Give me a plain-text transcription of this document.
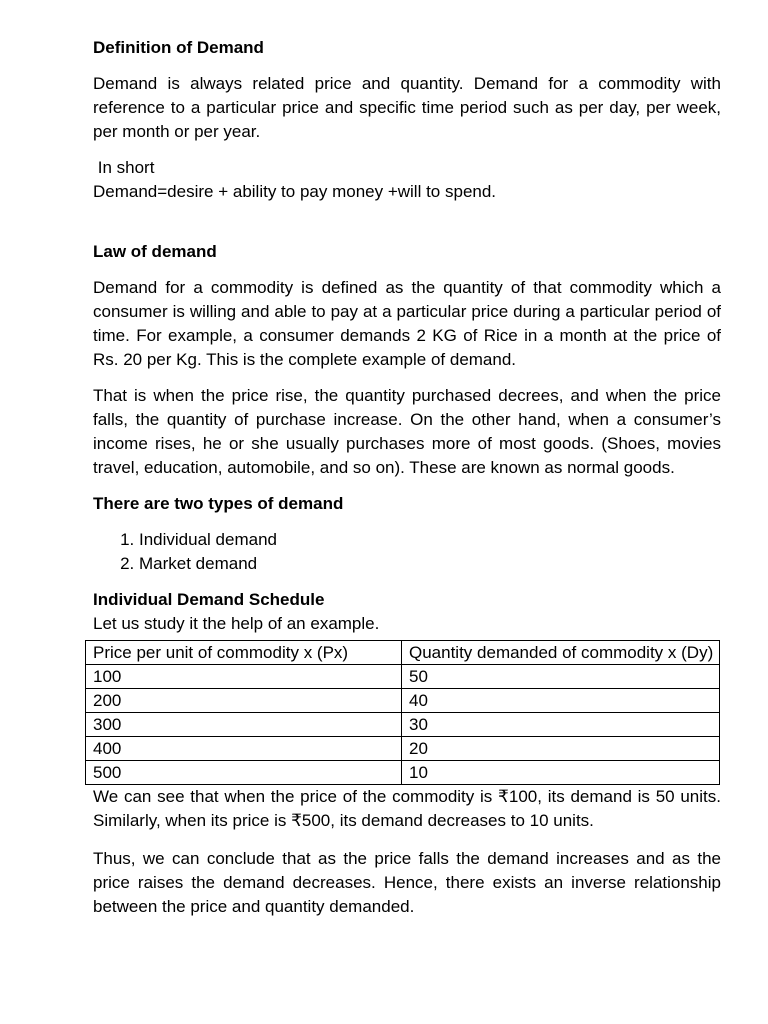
Definition of Demand

Demand is always related price and quantity. Demand for a commodity with reference to a particular price and specific time period such as per day, per week, per month or per year.

In short

Demand=desire + ability to pay money +will to spend.

Law of demand

Demand for a commodity is defined as the quantity of that commodity which a consumer is willing and able to pay at a particular price during a particular period of time. For example, a consumer demands 2 KG of Rice in a month at the price of Rs. 20 per Kg. This is the complete example of demand.

That is when the price rise, the quantity purchased decrees, and when the price falls, the quantity of purchase increase. On the other hand, when a consumer’s income rises, he or she usually purchases more of most goods. (Shoes, movies travel, education, automobile, and so on). These are known as normal goods.

There are two types of demand

1. Individual demand
2. Market demand

Individual Demand Schedule

Let us study it the help of an example.

Price per unit of commodity x (Px)	Quantity demanded of commodity x (Dy)
100	50
200	40
300	30
400	20
500	10

We can see that when the price of the commodity is ₹100, its demand is 50 units. Similarly, when its price is ₹500, its demand decreases to 10 units.

Thus, we can conclude that as the price falls the demand increases and as the price raises the demand decreases. Hence, there exists an inverse relationship between the price and quantity demanded.
